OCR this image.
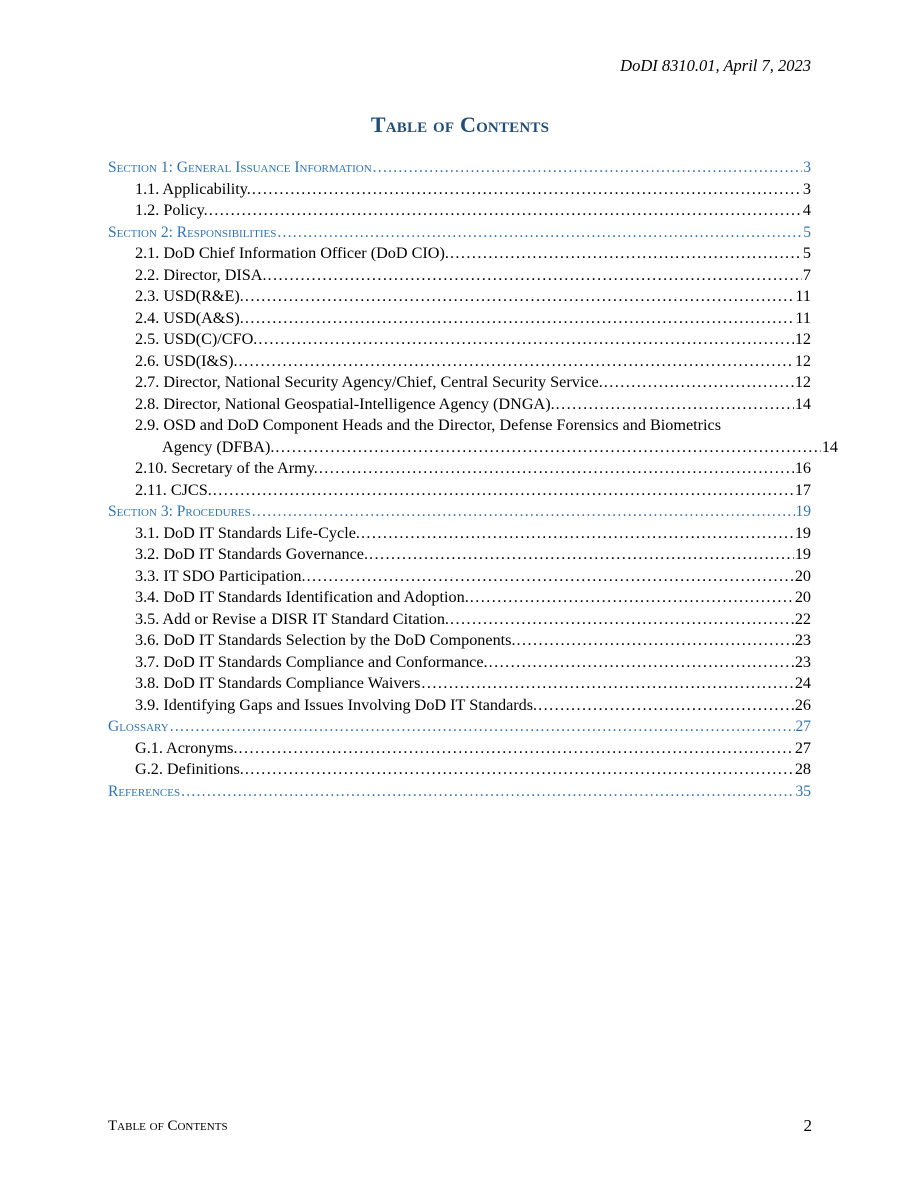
DoDI 8310.01, April 7, 2023
Table of Contents
Section 1: General Issuance Information . . .	3
1.1. Applicability. . . .	3
1.2. Policy. . . .	4
Section 2: Responsibilities . . .	5
2.1. DoD Chief Information Officer (DoD CIO). . . .	5
2.2. Director, DISA. . . .	7
2.3. USD(R&E). . . .	11
2.4. USD(A&S). . . .	11
2.5. USD(C)/CFO. . . .	12
2.6. USD(I&S). . . .	12
2.7. Director, National Security Agency/Chief, Central Security Service. . . .	12
2.8. Director, National Geospatial-Intelligence Agency (DNGA). . . .	14
2.9. OSD and DoD Component Heads and the Director, Defense Forensics and Biometrics
Agency (DFBA). . . .	14
2.10. Secretary of the Army. . . .	16
2.11. CJCS. . . .	17
Section 3: Procedures . . .	19
3.1. DoD IT Standards Life-Cycle. . . .	19
3.2. DoD IT Standards Governance. . . .	19
3.3. IT SDO Participation. . . .	20
3.4. DoD IT Standards Identification and Adoption. . . .	20
3.5. Add or Revise a DISR IT Standard Citation. . . .	22
3.6. DoD IT Standards Selection by the DoD Components. . . .	23
3.7. DoD IT Standards Compliance and Conformance. . . .	23
3.8. DoD IT Standards Compliance Waivers . . .	24
3.9. Identifying Gaps and Issues Involving DoD IT Standards. . . .	26
Glossary . . .	27
G.1. Acronyms. . . .	27
G.2. Definitions. . . .	28
References . . .	35
Table of Contents	2
